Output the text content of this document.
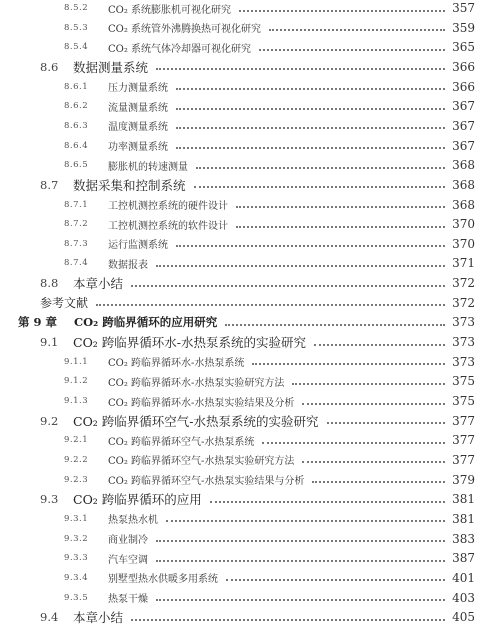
8.5.2	CO₂ 系统膨胀机可视化研究	357
8.5.3	CO₂ 系统管外沸腾换热可视化研究	359
8.5.4	CO₂ 系统气体冷却器可视化研究	365
8.6	数据测量系统	366
8.6.1	压力测量系统	366
8.6.2	流量测量系统	367
8.6.3	温度测量系统	367
8.6.4	功率测量系统	367
8.6.5	膨胀机的转速测量	368
8.7	数据采集和控制系统	368
8.7.1	工控机测控系统的硬件设计	368
8.7.2	工控机测控系统的软件设计	370
8.7.3	运行监测系统	370
8.7.4	数据报表	371
8.8	本章小结	372
参考文献	372
第 9 章	CO₂ 跨临界循环的应用研究	373
9.1	CO₂ 跨临界循环水-水热泵系统的实验研究	373
9.1.1	CO₂ 跨临界循环水-水热泵系统	373
9.1.2	CO₂ 跨临界循环水-水热泵实验研究方法	375
9.1.3	CO₂ 跨临界循环水-水热泵实验结果及分析	375
9.2	CO₂ 跨临界循环空气-水热泵系统的实验研究	377
9.2.1	CO₂ 跨临界循环空气-水热泵系统	377
9.2.2	CO₂ 跨临界循环空气-水热泵实验研究方法	377
9.2.3	CO₂ 跨临界循环空气-水热泵实验结果与分析	379
9.3	CO₂ 跨临界循环的应用	381
9.3.1	热泵热水机	381
9.3.2	商业制冷	383
9.3.3	汽车空调	387
9.3.4	别墅型热水供暖多用系统	401
9.3.5	热泵干燥	403
9.4	本章小结	405
